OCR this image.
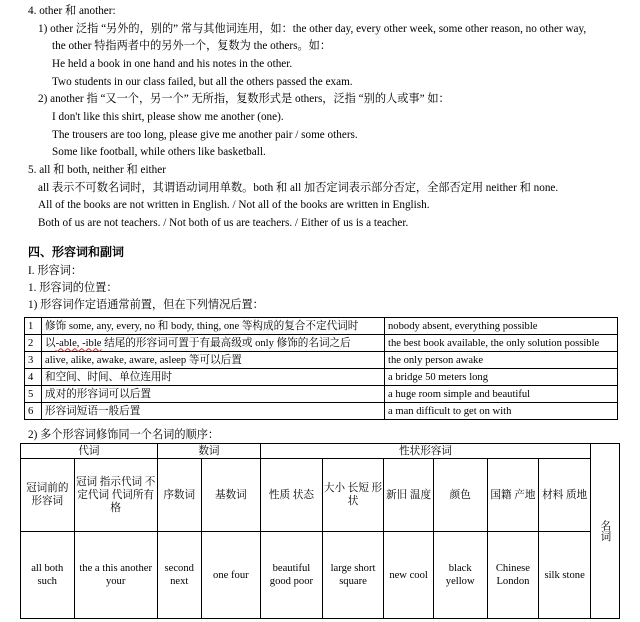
4. other 和 another:
1) other 泛指 “另外的，别的” 常与其他词连用，如：the other day, every other week, some other reason, no other way,
the other 特指两者中的另外一个，复数为 the others。如：
He held a book in one hand and his notes in the other.
Two students in our class failed, but all the others passed the exam.
2) another 指 “又一个，另一个” 无所指，复数形式是 others，泛指 “别的人或事” 如：
I don't like this shirt, please show me another (one).
The trousers are too long, please give me another pair / some others.
Some like football, while others like basketball.
5. all 和 both, neither 和 either
all 表示不可数名词时，其谓语动词用单数。both 和 all 加否定词表示部分否定，全部否定用 neither 和 none.
All of the books are not written in English. / Not all of the books are written in English.
Both of us are not teachers. / Not both of us are teachers. / Either of us is a teacher.
四、形容词和副词
I. 形容词：
1. 形容词的位置：
1) 形容词作定语通常前置，但在下列情况后置：
1	修饰 some, any, every, no 和 body, thing, one 等构成的复合不定代词时	nobody absent, everything possible
2	以-able, -ible 结尾的形容词可置于有最高级或 only 修饰的名词之后	the best book available, the only solution possible
3	alive, alike, awake, aware, asleep 等可以后置	the only person awake
4	和空间、时间、单位连用时	a bridge 50 meters long
5	成对的形容词可以后置	a huge room simple and beautiful
6	形容词短语一般后置	a man difficult to get on with
2) 多个形容词修饰同一个名词的顺序：
代词		数词		性状形容词						名词
冠词前的形容词	冠词 指示代词 不定代词 代词所有格	序数词	基数词	性质 状态	大小 长短 形状	新旧 温度	颜色	国籍 产地	材料 质地	
all both such	the a this another your	second next	one four	beautiful good poor	large short square	new cool	black yellow	Chinese London	silk stone	
